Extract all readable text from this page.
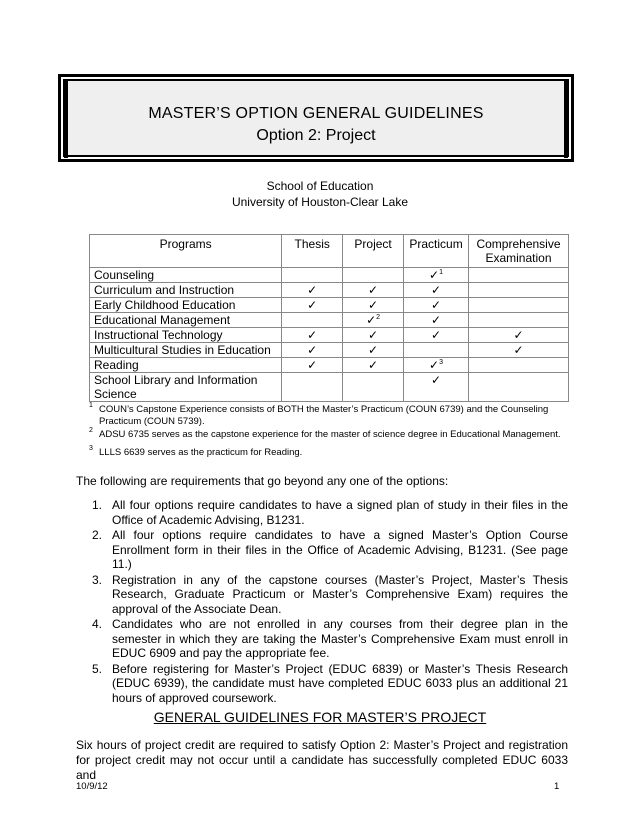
MASTER’S OPTION GENERAL GUIDELINES
Option 2: Project
School of Education
University of Houston-Clear Lake
Programs	Thesis	Project	Practicum	Comprehensive Examination
Counseling			✓$^1$	
Curriculum and Instruction	✓	✓	✓	
Early Childhood Education	✓	✓	✓	
Educational Management		✓$^2$	✓	
Instructional Technology	✓	✓	✓	✓
Multicultural Studies in Education	✓	✓		✓
Reading	✓	✓	✓$^3$	
School Library and Information Science			✓	
1 COUN’s Capstone Experience consists of BOTH the Master’s Practicum (COUN 6739) and the Counseling Practicum (COUN 5739).
2 ADSU 6735 serves as the capstone experience for the master of science degree in Educational Management.
3 LLLS 6639 serves as the practicum for Reading.
The following are requirements that go beyond any one of the options:
1. All four options require candidates to have a signed plan of study in their files in the Office of Academic Advising, B1231.
2. All four options require candidates to have a signed Master’s Option Course Enrollment form in their files in the Office of Academic Advising, B1231. (See page 11.)
3. Registration in any of the capstone courses (Master’s Project, Master’s Thesis Research, Graduate Practicum or Master’s Comprehensive Exam) requires the approval of the Associate Dean.
4. Candidates who are not enrolled in any courses from their degree plan in the semester in which they are taking the Master’s Comprehensive Exam must enroll in EDUC 6909 and pay the appropriate fee.
5. Before registering for Master’s Project (EDUC 6839) or Master’s Thesis Research (EDUC 6939), the candidate must have completed EDUC 6033 plus an additional 21 hours of approved coursework.
GENERAL GUIDELINES FOR MASTER’S PROJECT
Six hours of project credit are required to satisfy Option 2: Master’s Project and registration for project credit may not occur until a candidate has successfully completed EDUC 6033 and
10/9/12	1
